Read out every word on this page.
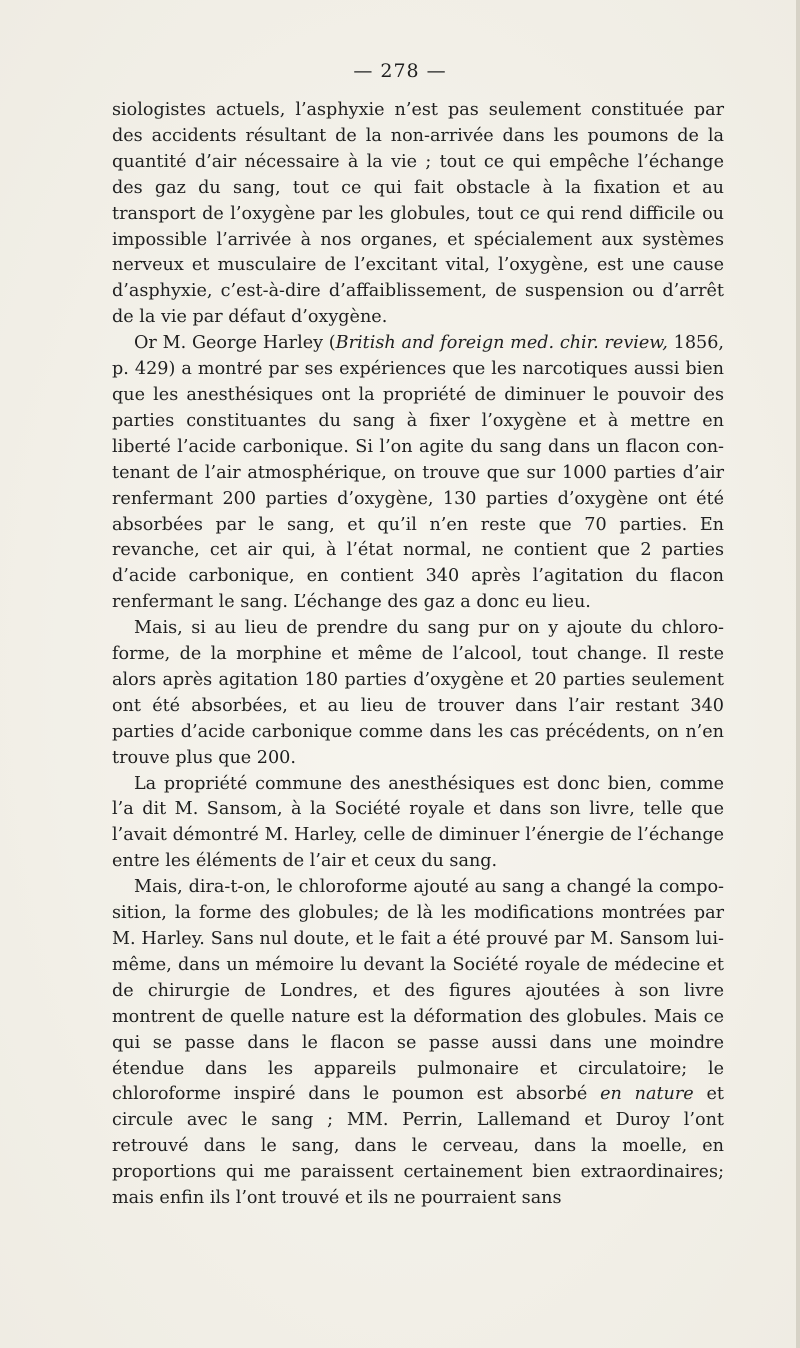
— 278 —

siologistes actuels, l’asphyxie n’est pas seulement constituée par des accidents résultant de la non-arrivée dans les poumons de la quantité d’air nécessaire à la vie ; tout ce qui empêche l’échange des gaz du sang, tout ce qui fait obstacle à la fixation et au transport de l’oxygène par les globules, tout ce qui rend difficile ou impossible l’arrivée à nos organes, et spécialement aux systèmes nerveux et musculaire de l’excitant vital, l’oxygène, est une cause d’asphyxie, c’est-à-dire d’affaiblissement, de suspension ou d’arrêt de la vie par défaut d’oxygène.

Or M. George Harley (British and foreign med. chir. review, 1856, p. 429) a montré par ses expériences que les narcotiques aussi bien que les anesthésiques ont la propriété de diminuer le pouvoir des parties constituantes du sang à fixer l’oxygène et à mettre en liberté l’acide carbonique. Si l’on agite du sang dans un flacon contenant de l’air atmosphérique, on trouve que sur 1000 parties d’air renfermant 200 parties d’oxygène, 130 parties d’oxygène ont été absorbées par le sang, et qu’il n’en reste que 70 parties. En revanche, cet air qui, à l’état normal, ne contient que 2 parties d’acide carbonique, en contient 340 après l’agitation du flacon renfermant le sang. L’échange des gaz a donc eu lieu.

Mais, si au lieu de prendre du sang pur on y ajoute du chloroforme, de la morphine et même de l’alcool, tout change. Il reste alors après agitation 180 parties d’oxygène et 20 parties seulement ont été absorbées, et au lieu de trouver dans l’air restant 340 parties d’acide carbonique comme dans les cas précédents, on n’en trouve plus que 200.

La propriété commune des anesthésiques est donc bien, comme l’a dit M. Sansom, à la Société royale et dans son livre, telle que l’avait démontré M. Harley, celle de diminuer l’énergie de l’échange entre les éléments de l’air et ceux du sang.

Mais, dira-t-on, le chloroforme ajouté au sang a changé la composition, la forme des globules; de là les modifications montrées par M. Harley. Sans nul doute, et le fait a été prouvé par M. Sansom lui-même, dans un mémoire lu devant la Société royale de médecine et de chirurgie de Londres, et des figures ajoutées à son livre montrent de quelle nature est la déformation des globules. Mais ce qui se passe dans le flacon se passe aussi dans une moindre étendue dans les appareils pulmonaire et circulatoire; le chloroforme inspiré dans le poumon est absorbé en nature et circule avec le sang ; MM. Perrin, Lallemand et Duroy l’ont retrouvé dans le sang, dans le cerveau, dans la moelle, en proportions qui me paraissent certainement bien extraordinaires; mais enfin ils l’ont trouvé et ils ne pourraient sans
